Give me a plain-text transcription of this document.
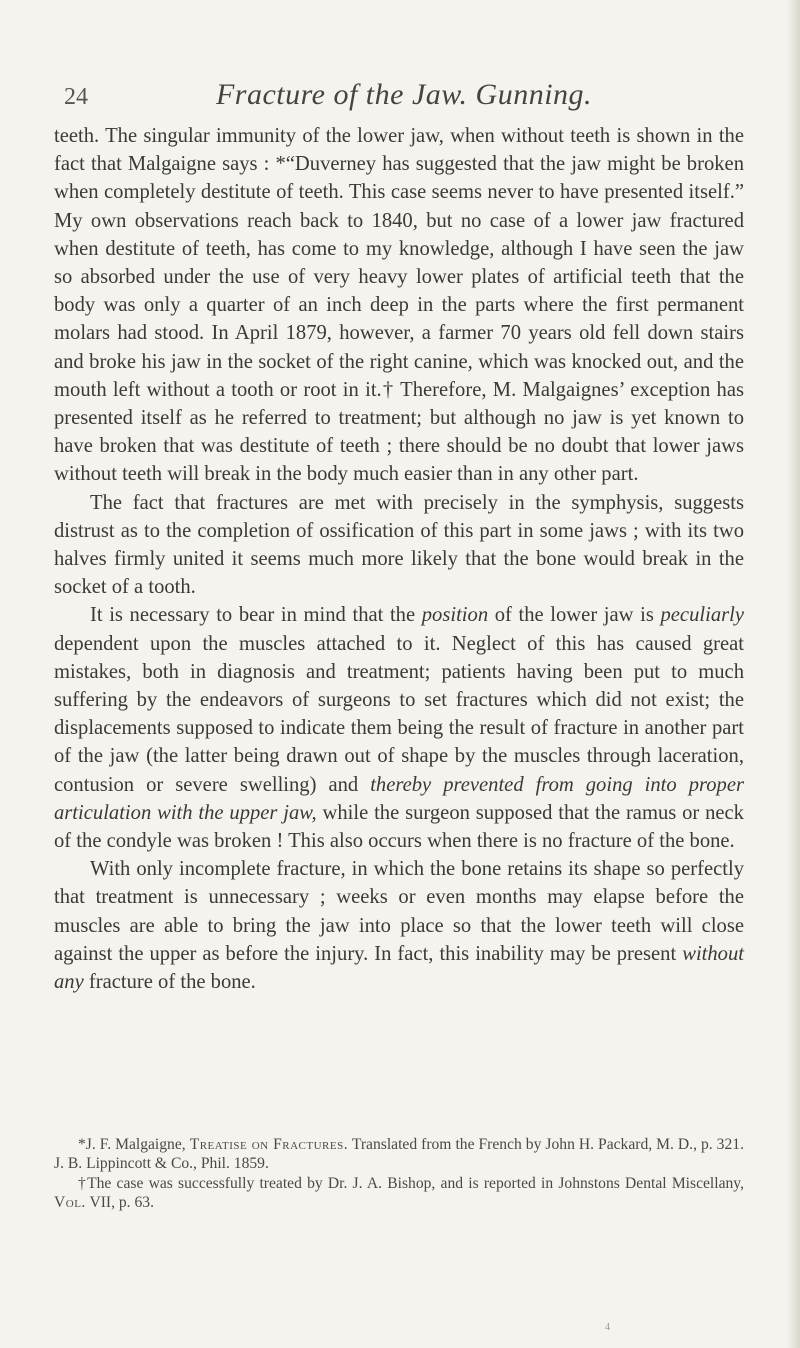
24	Fracture of the Jaw. Gunning.

teeth. The singular immunity of the lower jaw, when without teeth is shown in the fact that Malgaigne says : *“Duverney has suggested that the jaw might be broken when completely destitute of teeth. This case seems never to have presented itself.” My own observations reach back to 1840, but no case of a lower jaw fractured when destitute of teeth, has come to my knowledge, although I have seen the jaw so absorbed under the use of very heavy lower plates of artificial teeth that the body was only a quarter of an inch deep in the parts where the first permanent molars had stood. In April 1879, however, a farmer 70 years old fell down stairs and broke his jaw in the socket of the right canine, which was knocked out, and the mouth left without a tooth or root in it.† Therefore, M. Malgaignes’ exception has presented itself as he referred to treatment; but although no jaw is yet known to have broken that was destitute of teeth ; there should be no doubt that lower jaws without teeth will break in the body much easier than in any other part.

The fact that fractures are met with precisely in the symphysis, suggests distrust as to the completion of ossification of this part in some jaws ; with its two halves firmly united it seems much more likely that the bone would break in the socket of a tooth.

It is necessary to bear in mind that the position of the lower jaw is peculiarly dependent upon the muscles attached to it. Neglect of this has caused great mistakes, both in diagnosis and treatment; patients having been put to much suffering by the endeavors of surgeons to set fractures which did not exist; the displacements supposed to indicate them being the result of fracture in another part of the jaw (the latter being drawn out of shape by the muscles through laceration, contusion or severe swelling) and thereby prevented from going into proper articulation with the upper jaw, while the surgeon supposed that the ramus or neck of the condyle was broken ! This also occurs when there is no fracture of the bone.

With only incomplete fracture, in which the bone retains its shape so perfectly that treatment is unnecessary ; weeks or even months may elapse before the muscles are able to bring the jaw into place so that the lower teeth will close against the upper as before the injury. In fact, this inability may be present without any fracture of the bone.

*J. F. Malgaigne, Treatise on Fractures. Translated from the French by John H. Packard, M. D., p. 321. J. B. Lippincott & Co., Phil. 1859.

†The case was successfully treated by Dr. J. A. Bishop, and is reported in Johnstons Dental Miscellany, Vol. VII, p. 63.

4
